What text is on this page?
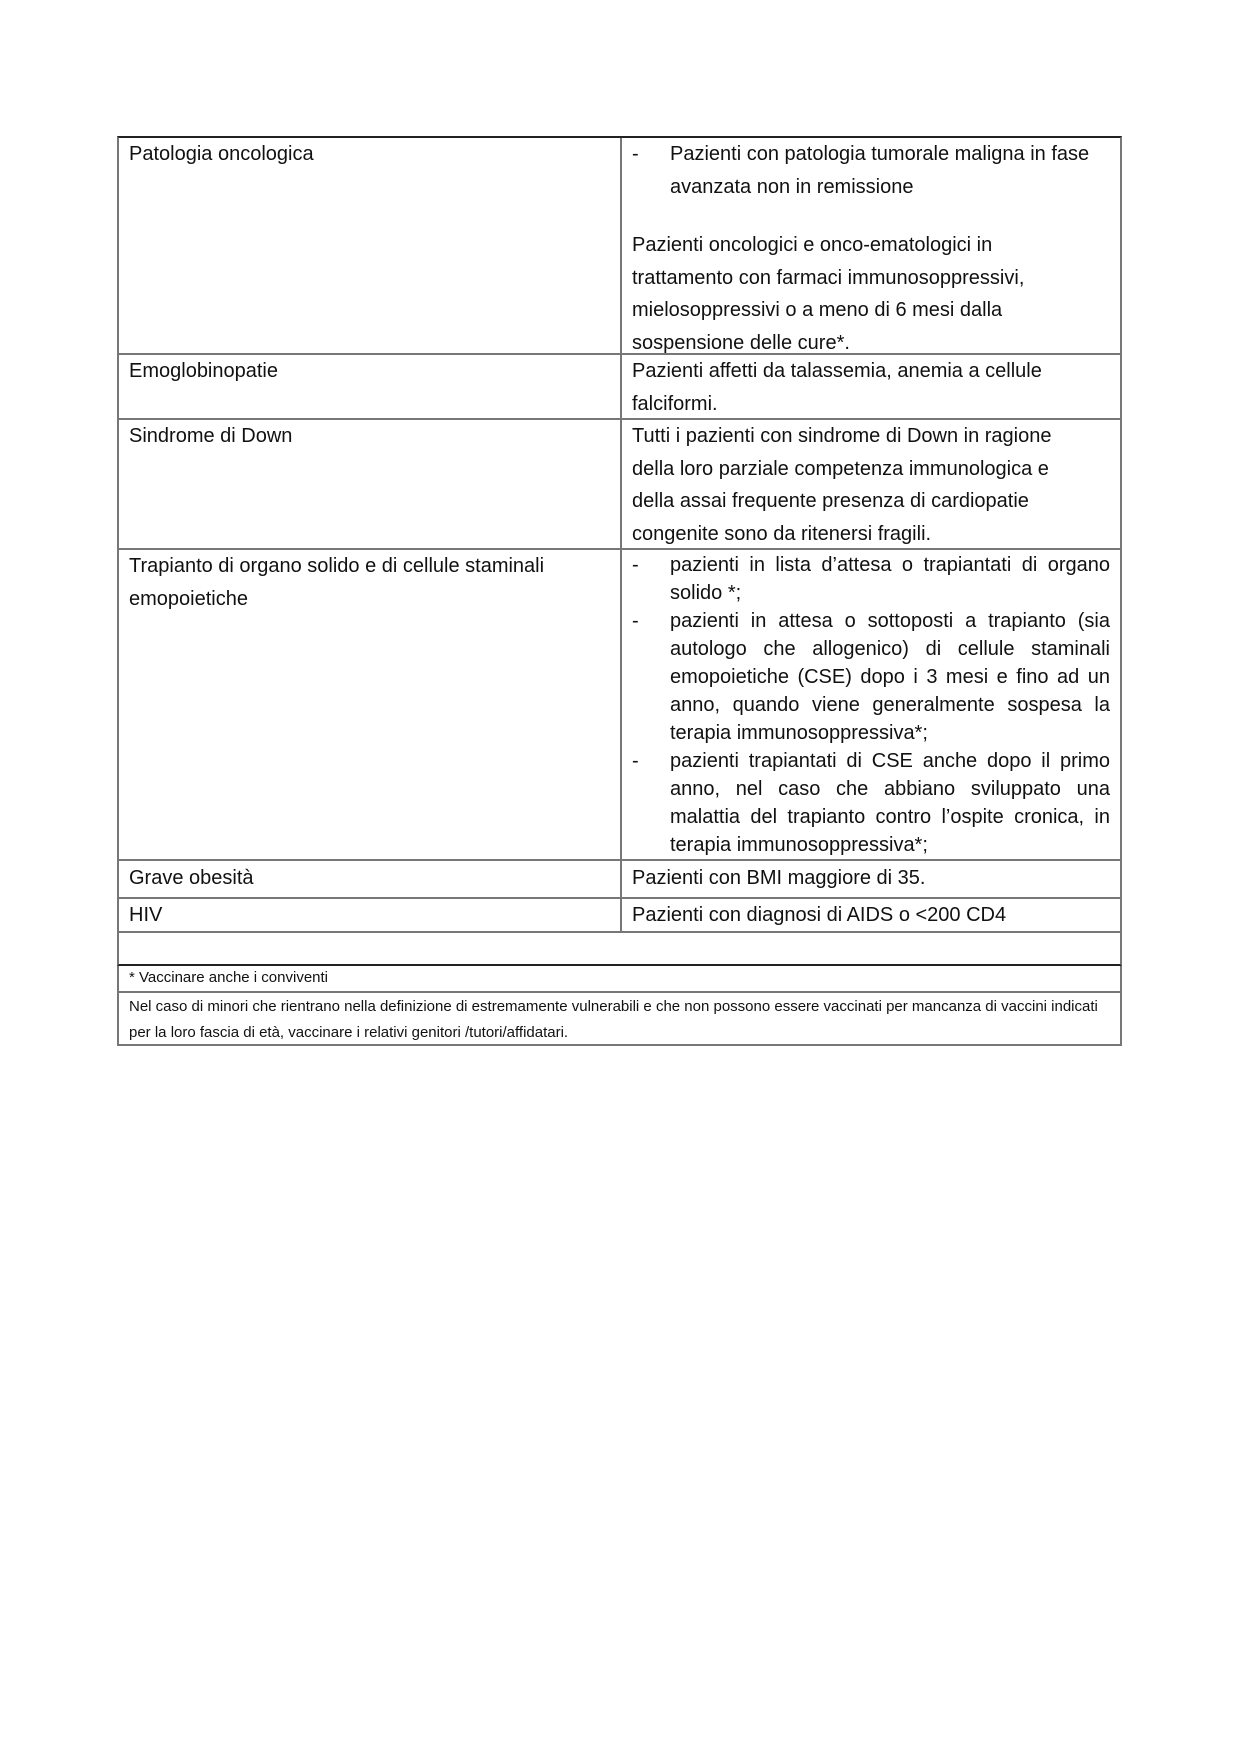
Patologia oncologica	-	Pazienti con patologia tumorale maligna in fase avanzata non in remissione
Pazienti oncologici e onco-ematologici in trattamento con farmaci immunosoppressivi, mielosoppressivi o a meno di 6 mesi dalla sospensione delle cure*.
Emoglobinopatie	Pazienti affetti da talassemia, anemia a cellule falciformi.
Sindrome di Down	Tutti i pazienti con sindrome di Down in ragione della loro parziale competenza immunologica e della assai frequente presenza di cardiopatie congenite sono da ritenersi fragili.
Trapianto di organo solido e di cellule staminali emopoietiche
-	pazienti in lista d’attesa o trapiantati di organo solido *;
-	pazienti in attesa o sottoposti a trapianto (sia autologo che allogenico) di cellule staminali emopoietiche (CSE) dopo i 3 mesi e fino ad un anno, quando viene generalmente sospesa la terapia immunosoppressiva*;
-	pazienti trapiantati di CSE anche dopo il primo anno, nel caso che abbiano sviluppato una malattia del trapianto contro l’ospite cronica, in terapia immunosoppressiva*;
Grave obesità	Pazienti con BMI maggiore di 35.
HIV	Pazienti con diagnosi di AIDS o <200 CD4
* Vaccinare anche i conviventi
Nel caso di minori che rientrano nella definizione di estremamente vulnerabili e che non possono essere vaccinati per mancanza di vaccini indicati per la loro fascia di età, vaccinare i relativi genitori /tutori/affidatari.
